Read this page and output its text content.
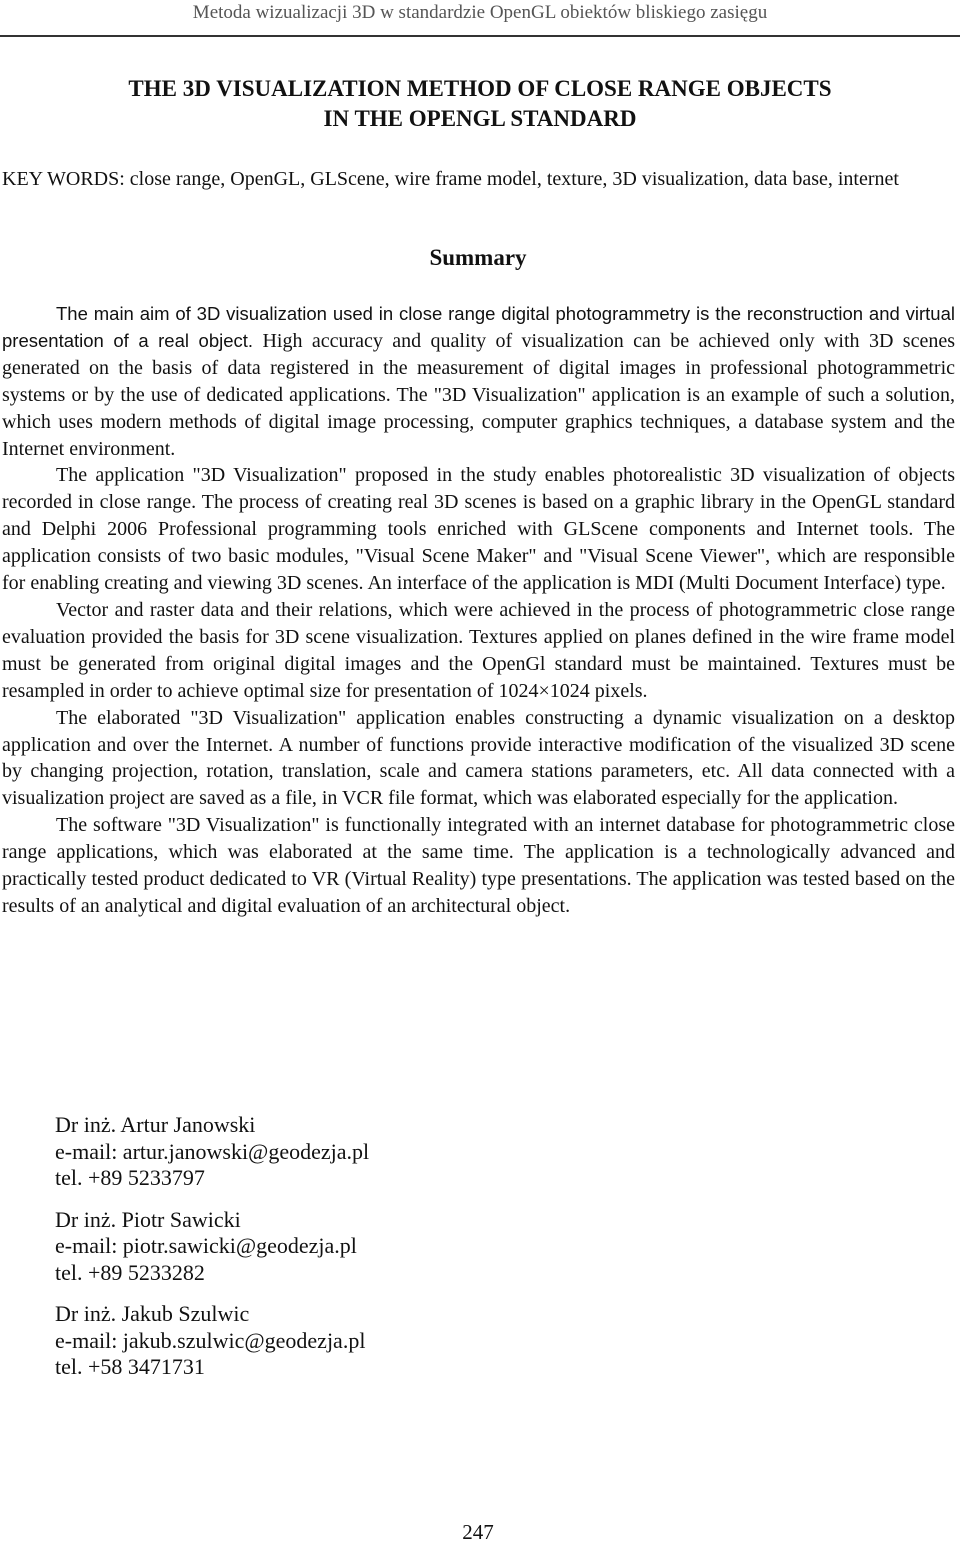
Metoda wizualizacji 3D w standardzie OpenGL obiektów bliskiego zasięgu
THE 3D VISUALIZATION METHOD OF CLOSE RANGE OBJECTS
IN THE OPENGL STANDARD
KEY WORDS: close range, OpenGL, GLScene, wire frame model, texture, 3D visualization, data base, internet
Summary

The main aim of 3D visualization used in close range digital photogrammetry is the reconstruction and virtual presentation of a real object. High accuracy and quality of visualization can be achieved only with 3D scenes generated on the basis of data registered in the measurement of digital images in professional photogrammetric systems or by the use of dedicated applications. The "3D Visualization" application is an example of such a solution, which uses modern methods of digital image processing, computer graphics techniques, a database system and the Internet environment.

The application "3D Visualization" proposed in the study enables photorealistic 3D visualization of objects recorded in close range. The process of creating real 3D scenes is based on a graphic library in the OpenGL standard and Delphi 2006 Professional programming tools enriched with GLScene components and Internet tools. The application consists of two basic modules, "Visual Scene Maker" and "Visual Scene Viewer", which are responsible for enabling creating and viewing 3D scenes. An interface of the application is MDI (Multi Document Interface) type.

Vector and raster data and their relations, which were achieved in the process of photogrammetric close range evaluation provided the basis for 3D scene visualization. Textures applied on planes defined in the wire frame model must be generated from original digital images and the OpenGl standard must be maintained. Textures must be resampled in order to achieve optimal size for presentation of 1024×1024 pixels.

The elaborated "3D Visualization" application enables constructing a dynamic visualization on a desktop application and over the Internet. A number of functions provide interactive modification of the visualized 3D scene by changing projection, rotation, translation, scale and camera stations parameters, etc. All data connected with a visualization project are saved as a file, in VCR file format, which was elaborated especially for the application.

The software "3D Visualization" is functionally integrated with an internet database for photogrammetric close range applications, which was elaborated at the same time. The application is a technologically advanced and practically tested product dedicated to VR (Virtual Reality) type presentations. The application was tested based on the results of an analytical and digital evaluation of an architectural object.

Dr inż. Artur Janowski
e-mail: artur.janowski@geodezja.pl
tel. +89 5233797
Dr inż. Piotr Sawicki
e-mail: piotr.sawicki@geodezja.pl
tel. +89 5233282
Dr inż. Jakub Szulwic
e-mail: jakub.szulwic@geodezja.pl
tel. +58 3471731
247
